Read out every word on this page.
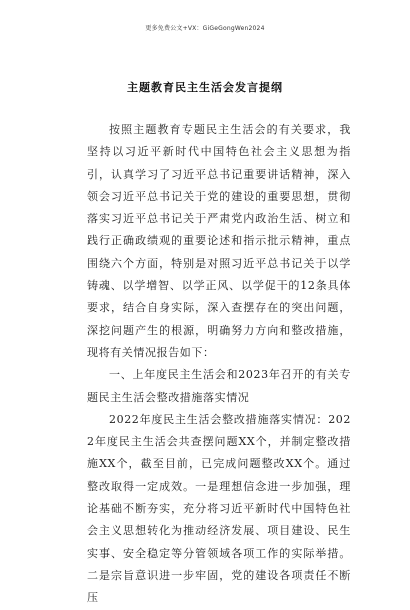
更多免费公文+VX：GiGeGongWen2024
主题教育民主生活会发言提纲

按照主题教育专题民主生活会的有关要求，我坚持以习近平新时代中国特色社会主义思想为指引，认真学习了习近平总书记重要讲话精神，深入领会习近平总书记关于党的建设的重要思想，贯彻落实习近平总书记关于严肃党内政治生活、树立和践行正确政绩观的重要论述和指示批示精神，重点围绕六个方面，特别是对照习近平总书记关于以学铸魂、以学增智、以学正风、以学促干的12条具体要求，结合自身实际，深入查摆存在的突出问题，深挖问题产生的根源，明确努力方向和整改措施，现将有关情况报告如下：

一、上年度民主生活会和2023年召开的有关专题民主生活会整改措施落实情况

2022年度民主生活会整改措施落实情况：2022年度民主生活会共查摆问题XX个，并制定整改措施XX个，截至目前，已完成问题整改XX个。通过整改取得一定成效。一是理想信念进一步加强，理论基础不断夯实，充分将习近平新时代中国特色社会主义思想转化为推动经济发展、项目建设、民生实事、安全稳定等分管领域各项工作的实际举措。二是宗旨意识进一步牢固，党的建设各项责任不断压
